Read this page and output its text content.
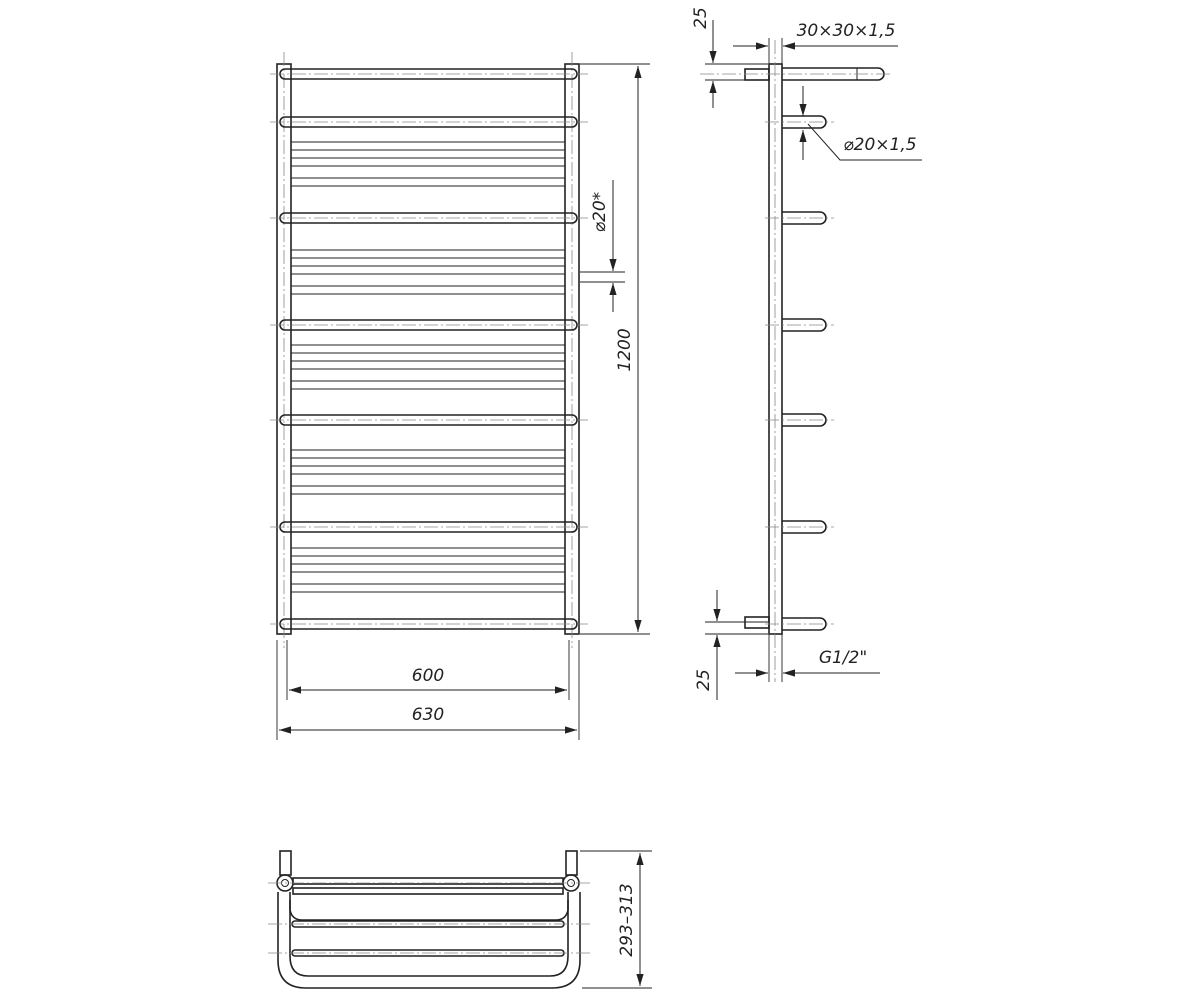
1200
⌀20*
600
630
25
25
30×30×1,5
⌀20×1,5
G1/2"
293–313
